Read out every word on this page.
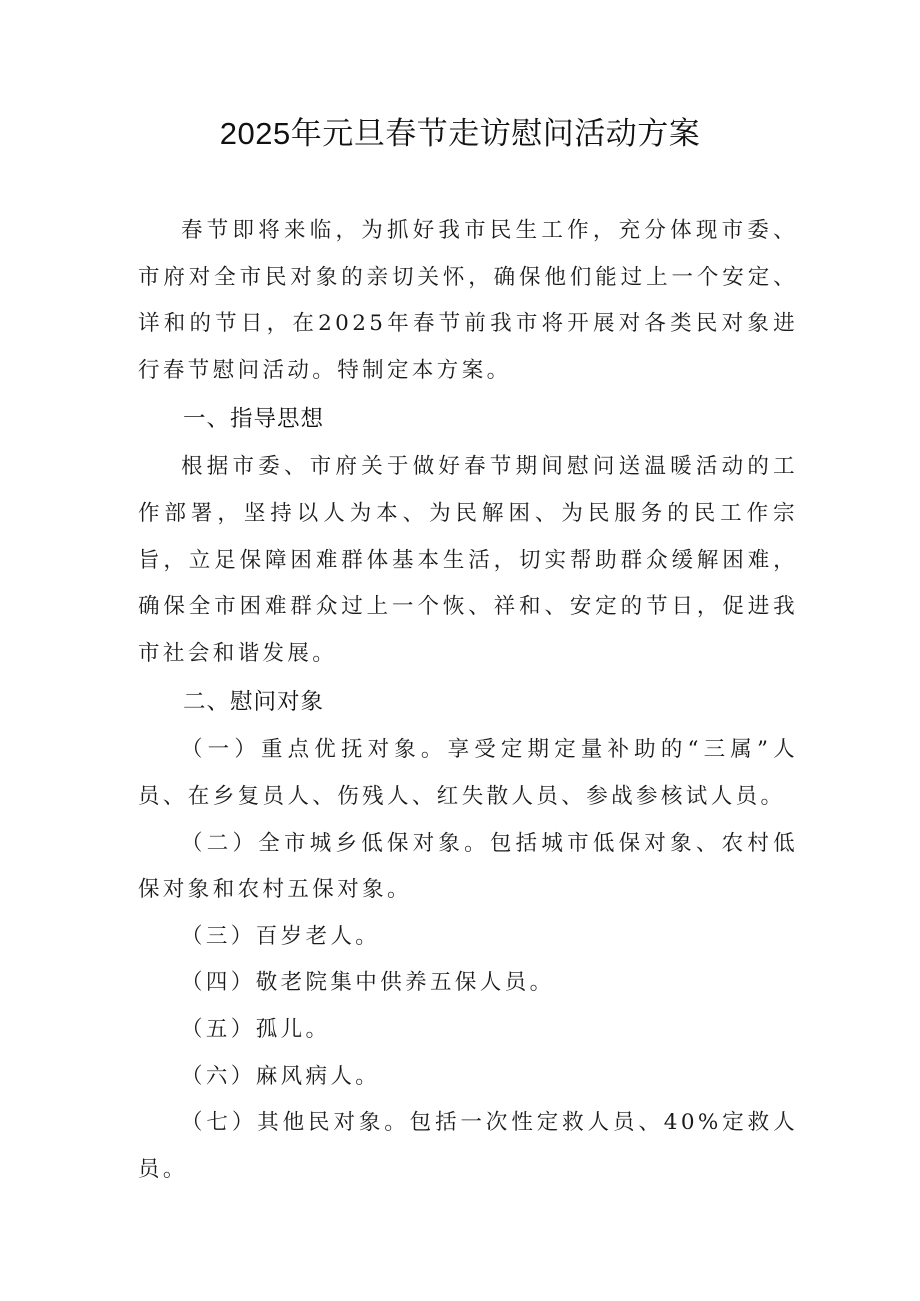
2025年元旦春节走访慰问活动方案

春节即将来临，为抓好我市民生工作，充分体现市委、市府对全市民对象的亲切关怀，确保他们能过上一个安定、详和的节日，在2025年春节前我市将开展对各类民对象进行春节慰问活动。特制定本方案。

一、指导思想

根据市委、市府关于做好春节期间慰问送温暖活动的工作部署，坚持以人为本、为民解困、为民服务的民工作宗旨，立足保障困难群体基本生活，切实帮助群众缓解困难，确保全市困难群众过上一个恢、祥和、安定的节日，促进我市社会和谐发展。

二、慰问对象

（一）重点优抚对象。享受定期定量补助的“三属”人员、在乡复员人、伤残人、红失散人员、参战参核试人员。

（二）全市城乡低保对象。包括城市低保对象、农村低保对象和农村五保对象。

（三）百岁老人。

（四）敬老院集中供养五保人员。

（五）孤儿。

（六）麻风病人。

（七）其他民对象。包括一次性定救人员、40%定救人员。
